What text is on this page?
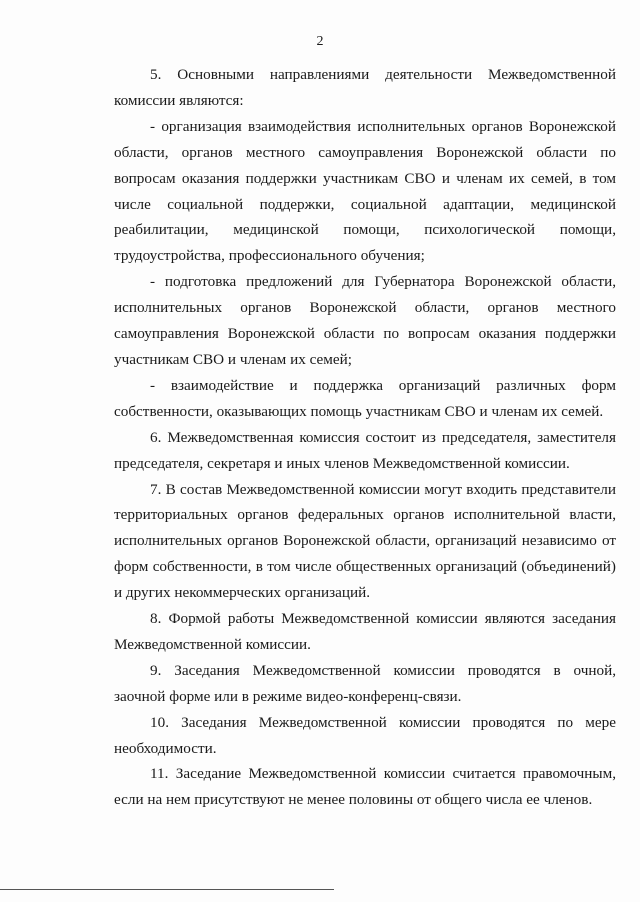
2

5. Основными направлениями деятельности Межведомственной комиссии являются:

- организация взаимодействия исполнительных органов Воронежской области, органов местного самоуправления Воронежской области по вопросам оказания поддержки участникам СВО и членам их семей, в том числе социальной поддержки, социальной адаптации, медицинской реабилитации, медицинской помощи, психологической помощи, трудоустройства, профессионального обучения;

- подготовка предложений для Губернатора Воронежской области, исполнительных органов Воронежской области, органов местного самоуправления Воронежской области по вопросам оказания поддержки участникам СВО и членам их семей;

- взаимодействие и поддержка организаций различных форм собственности, оказывающих помощь участникам СВО и членам их семей.

6. Межведомственная комиссия состоит из председателя, заместителя председателя, секретаря и иных членов Межведомственной комиссии.

7. В состав Межведомственной комиссии могут входить представители территориальных органов федеральных органов исполнительной власти, исполнительных органов Воронежской области, организаций независимо от форм собственности, в том числе общественных организаций (объединений) и других некоммерческих организаций.

8. Формой работы Межведомственной комиссии являются заседания Межведомственной комиссии.

9. Заседания Межведомственной комиссии проводятся в очной, заочной форме или в режиме видео-конференц-связи.

10. Заседания Межведомственной комиссии проводятся по мере необходимости.

11. Заседание Межведомственной комиссии считается правомочным, если на нем присутствуют не менее половины от общего числа ее членов.
